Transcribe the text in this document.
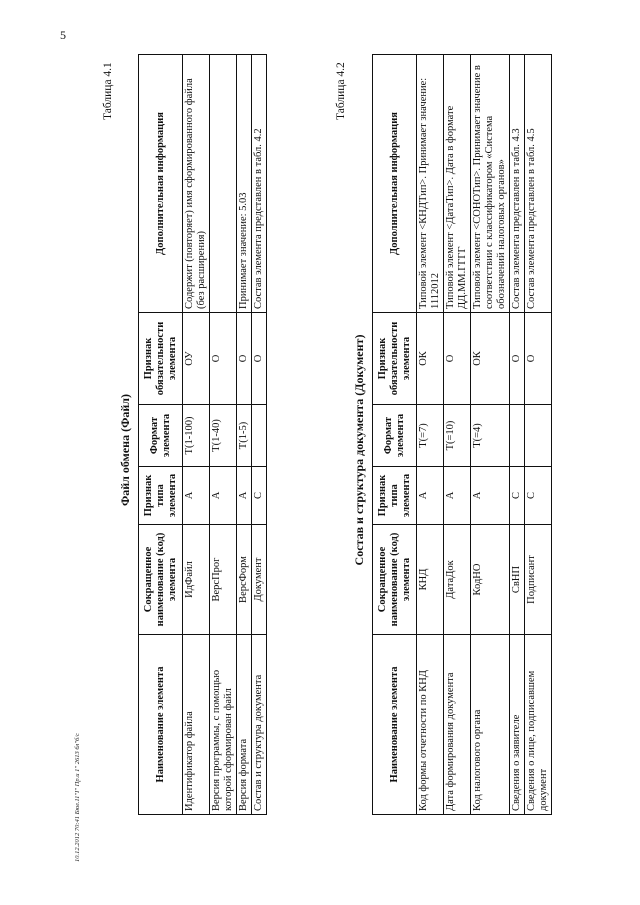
5
Таблица 4.1
Файл обмена (Файл)
Наименование элемента	Сокращенное наименование (код) элемента	Признак типа элемента	Формат элемента	Признак обязательности элемента	Дополнительная информация
Идентификатор файла	ИдФайл	А	Т(1-100)	ОУ	Содержит (повторяет) имя сформированного файла (без расширения)
Версия программы, с помощью которой сформирован файл	ВерсПрог	А	Т(1-40)	О	
Версия формата	ВерсФорм	А	Т(1-5)	О	Принимает значение: 5.03
Состав и структура документа	Документ	С		О	Состав элемента представлен в табл. 4.2
Таблица 4.2
Состав и структура документа (Документ)
Наименование элемента	Сокращенное наименование (код) элемента	Признак типа элемента	Формат элемента	Признак обязательности элемента	Дополнительная информация
Код формы отчетности по КНД	КНД	А	Т(=7)	ОК	Типовой элемент <КНДТип>. Принимает значение: 1112012
Дата формирования документа	ДатаДок	А	Т(=10)	О	Типовой элемент <ДатаТип>. Дата в формате ДД.ММ.ГГГГ
Код налогового органа	КодНО	А	Т(=4)	ОК	Типовой элемент <СОНОТип>. Принимает значение в соответствии с классификатором «Система обозначений налоговых органов»
Сведения о заявителе	СвНП	С		О	Состав элемента представлен в табл. 4.3
Сведения о лице, подписавшем документ	Подписант	С		О	Состав элемента представлен в табл. 4.5
10.12.2012 70:41 Бюл.11"I" Пр.и 1" 2613 бл"б/с
